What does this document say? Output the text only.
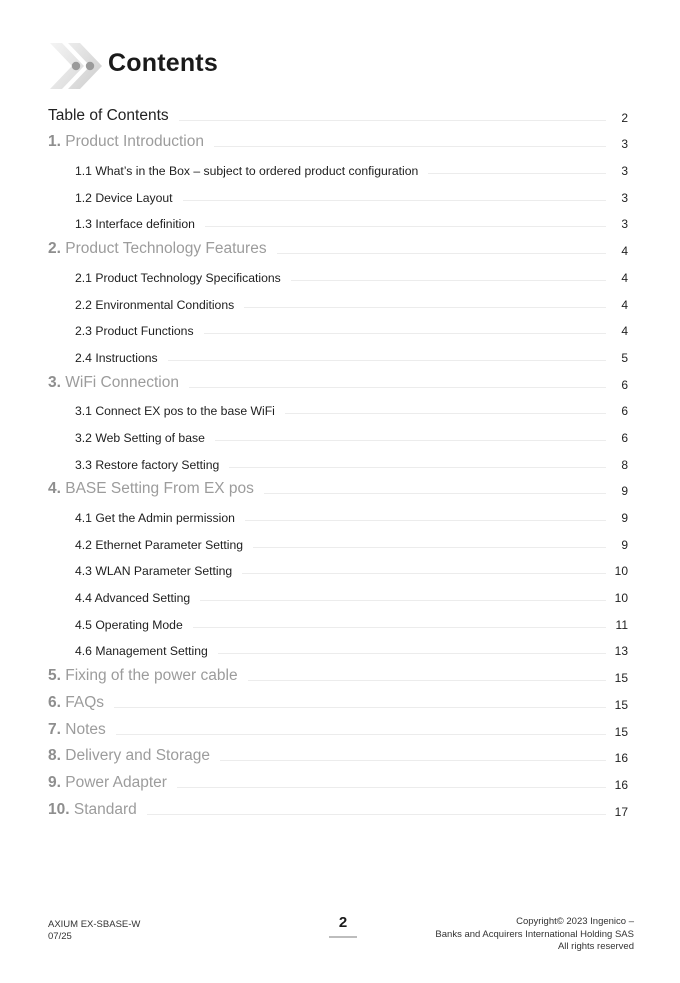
Contents
Table of Contents	2
1. Product Introduction	3
1.1 What’s in the Box – subject to ordered product configuration	3
1.2 Device Layout	3
1.3 Interface definition	3
2. Product Technology Features	4
2.1 Product Technology Specifications	4
2.2 Environmental Conditions	4
2.3 Product Functions	4
2.4 Instructions	5
3. WiFi Connection	6
3.1 Connect EX pos to the base WiFi	6
3.2 Web Setting of base	6
3.3 Restore factory Setting	8
4. BASE Setting From EX pos	9
4.1 Get the Admin permission	9
4.2 Ethernet Parameter Setting	9
4.3 WLAN Parameter Setting	10
4.4 Advanced Setting	10
4.5 Operating Mode	11
4.6 Management Setting	13
5. Fixing of the power cable	15
6. FAQs	15
7. Notes	15
8. Delivery and Storage	16
9. Power Adapter	16
10. Standard	17
AXIUM EX-SBASE-W
07/25
2	Copyright© 2023 Ingenico –
Banks and Acquirers International Holding SAS
All rights reserved
